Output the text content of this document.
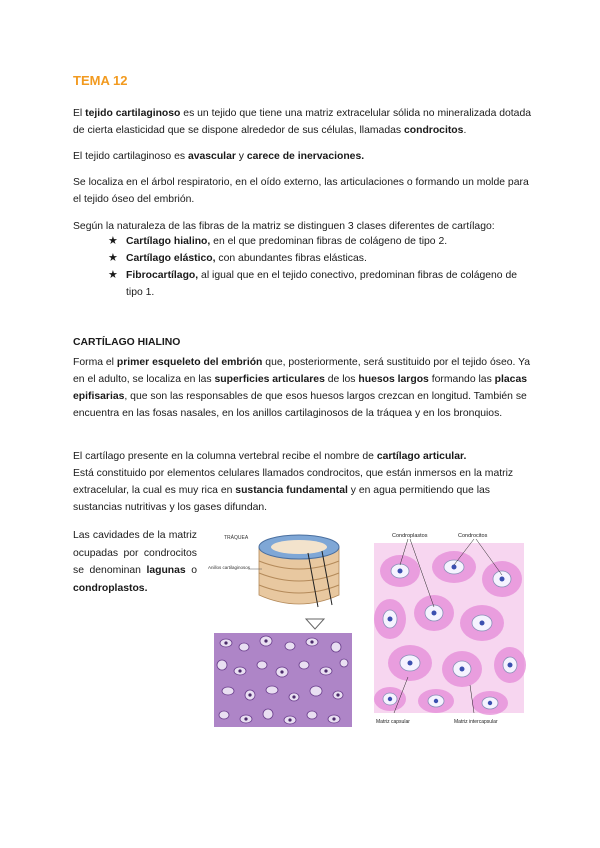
TEMA 12

El tejido cartilaginoso es un tejido que tiene una matriz extracelular sólida no mineralizada dotada de cierta elasticidad que se dispone alrededor de sus células, llamadas condrocitos.

El tejido cartilaginoso es avascular y carece de inervaciones.

Se localiza en el árbol respiratorio, en el oído externo, las articulaciones o formando un molde para el tejido óseo del embrión.

Según la naturaleza de las fibras de la matriz se distinguen 3 clases diferentes de cartílago:

★ Cartílago hialino, en el que predominan fibras de colágeno de tipo 2.
★ Cartílago elástico, con abundantes fibras elásticas.
★ Fibrocartílago, al igual que en el tejido conectivo, predominan fibras de colágeno de tipo 1.
CARTÍLAGO HIALINO

Forma el primer esqueleto del embrión que, posteriormente, será sustituido por el tejido óseo. Ya en el adulto, se localiza en las superficies articulares de los huesos largos formando las placas epifisarias, que son las responsables de que esos huesos largos crezcan en longitud. También se encuentra en las fosas nasales, en los anillos cartilaginosos de la tráquea y en los bronquios.

El cartílago presente en la columna vertebral recibe el nombre de cartílago articular.
Está constituido por elementos celulares llamados condrocitos, que están inmersos en la matriz extracelular, la cual es muy rica en sustancia fundamental y en agua permitiendo que las sustancias nutritivas y los gases difundan.

Las cavidades de la matriz ocupadas por condrocitos se denominan lagunas o condroplastos.
TRÁQUEA
Anillos cartilaginosos
Condroplastos	Condrocitos
Matriz capsular	Matriz intercapsular
